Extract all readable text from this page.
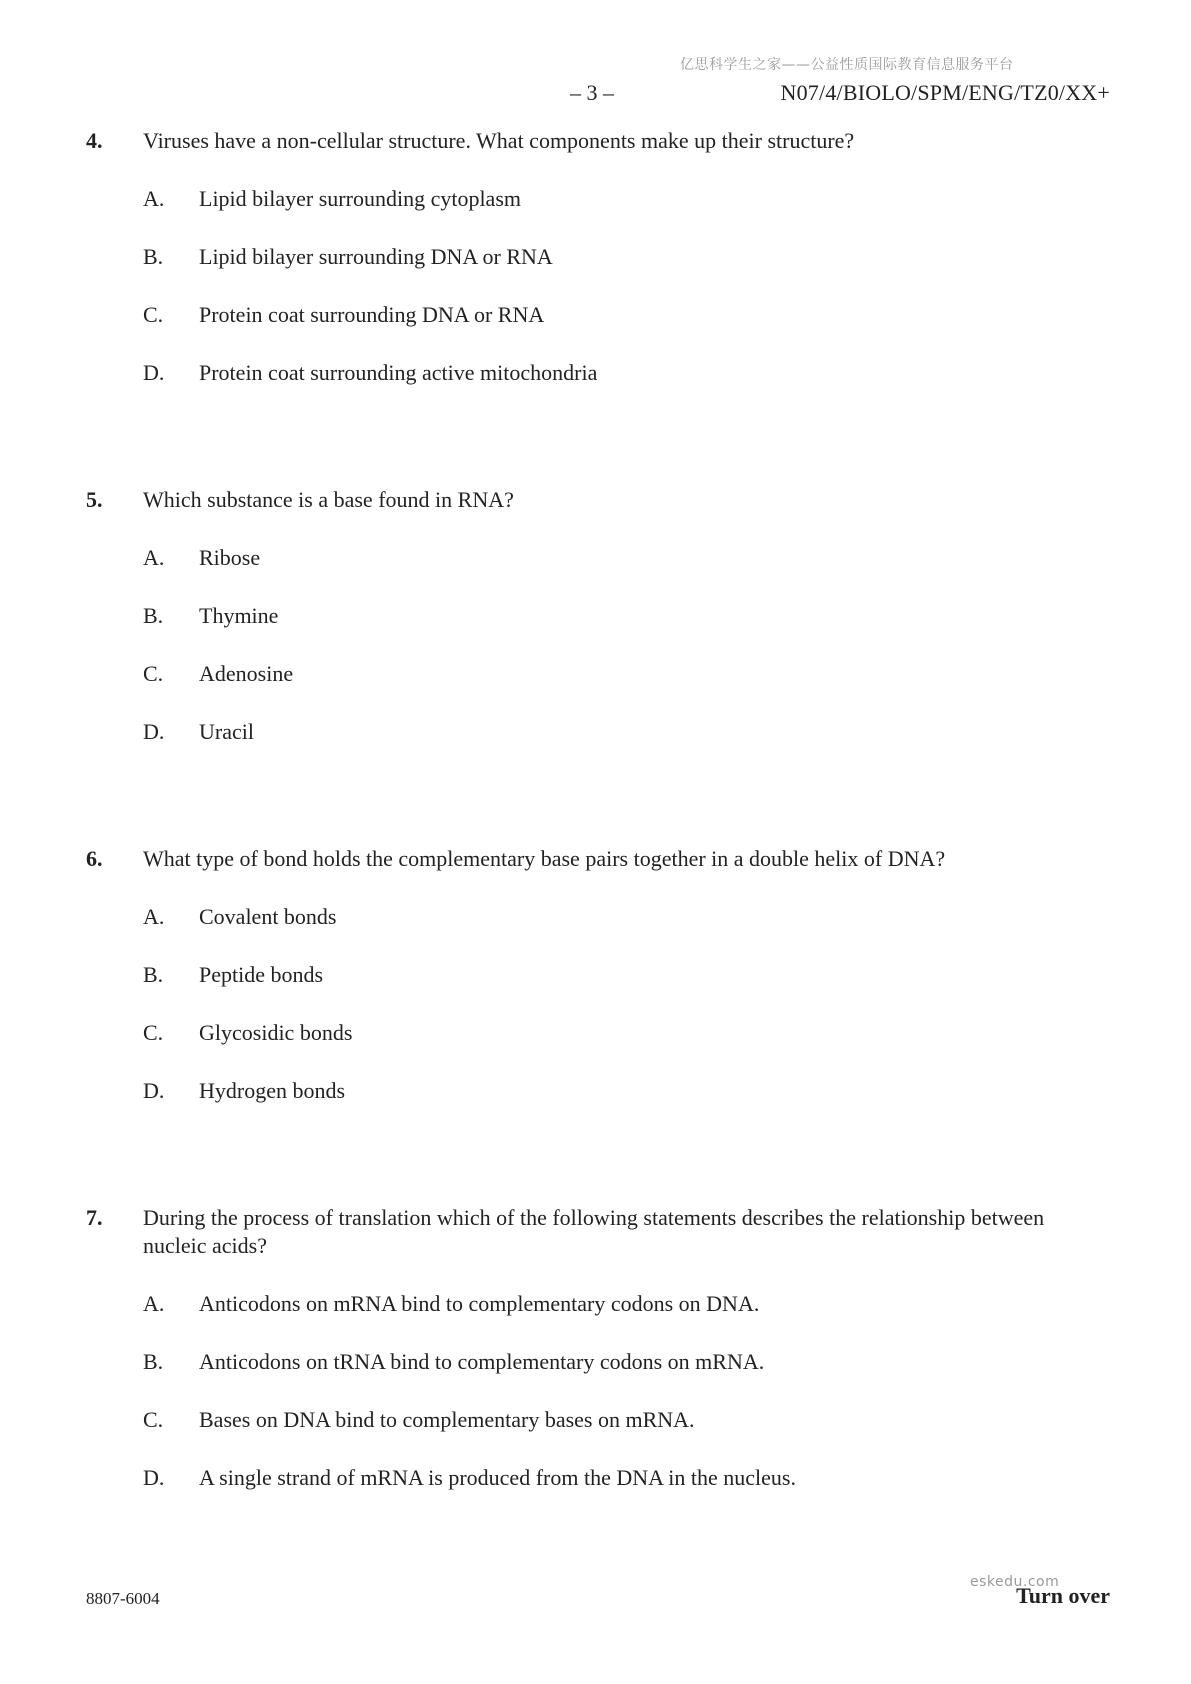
亿思科学生之家——公益性质国际教育信息服务平台
– 3 –	N07/4/BIOLO/SPM/ENG/TZ0/XX+
4. Viruses have a non-cellular structure. What components make up their structure?
A. Lipid bilayer surrounding cytoplasm
B. Lipid bilayer surrounding DNA or RNA
C. Protein coat surrounding DNA or RNA
D. Protein coat surrounding active mitochondria
5. Which substance is a base found in RNA?
A. Ribose
B. Thymine
C. Adenosine
D. Uracil
6. What type of bond holds the complementary base pairs together in a double helix of DNA?
A. Covalent bonds
B. Peptide bonds
C. Glycosidic bonds
D. Hydrogen bonds
7. During the process of translation which of the following statements describes the relationship between nucleic acids?
A. Anticodons on mRNA bind to complementary codons on DNA.
B. Anticodons on tRNA bind to complementary codons on mRNA.
C. Bases on DNA bind to complementary bases on mRNA.
D. A single strand of mRNA is produced from the DNA in the nucleus.
8807-6004
eskedu.com
Turn over
